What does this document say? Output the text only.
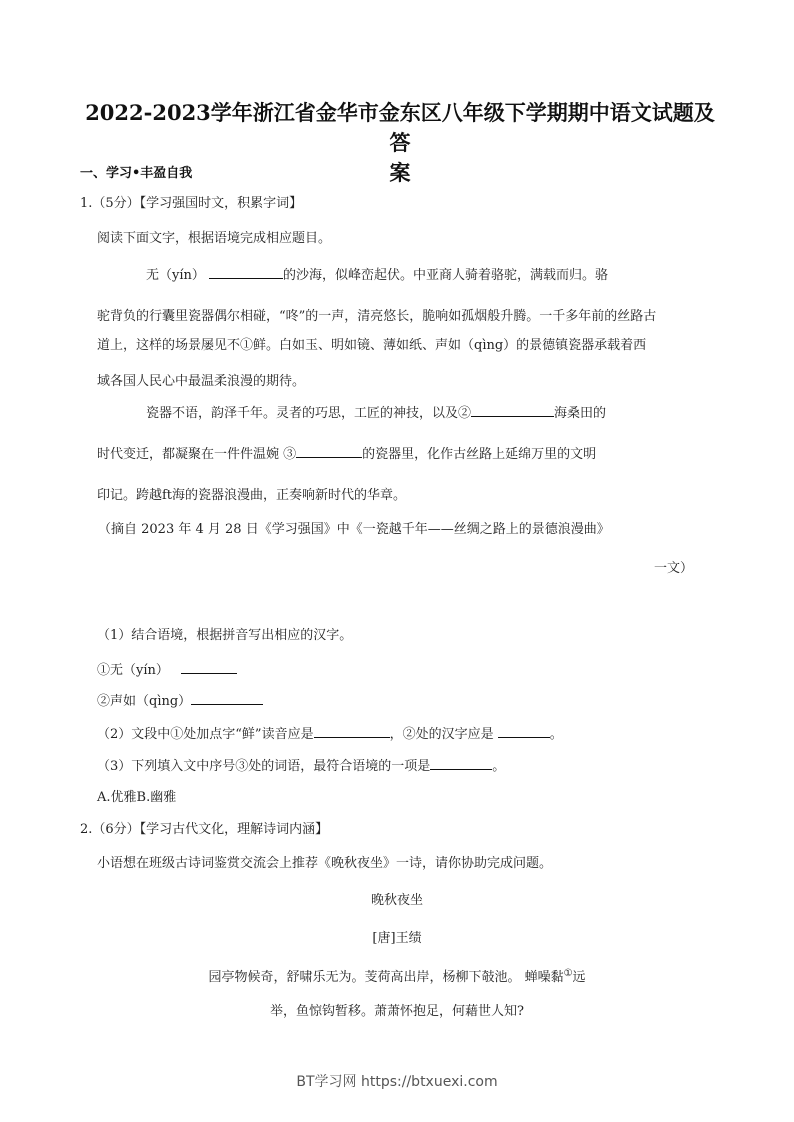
2022-2023学年浙江省金华市金东区八年级下学期期中语文试题及答
案
一、学习•丰盈自我
1.（5分）【学习强国时文，积累字词】
阅读下面文字，根据语境完成相应题目。
无（yín）	的沙海，似峰峦起伏。中亚商人骑着骆驼，满载而归。骆
驼背负的行囊里瓷器偶尔相碰，“咚”的一声，清亮悠长，脆响如孤烟般升腾。一千多年前的丝路古
道上，这样的场景屡见不①鲜。白如玉、明如镜、薄如纸、声如（qìng）的景德镇瓷器承载着西
域各国人民心中最温柔浪漫的期待。
瓷器不语，韵泽千年。灵者的巧思，工匠的神技，以及②	海桑田的
时代变迁，都凝聚在一件件温婉 ③	的瓷器里，化作古丝路上延绵万里的文明
印记。跨越ft海的瓷器浪漫曲，正奏响新时代的华章。
（摘自 2023 年 4 月 28 日《学习强国》中《一瓷越千年——丝绸之路上的景德浪漫曲》
一文）
（1）结合语境，根据拼音写出相应的汉字。
①无（yín）
②声如（qìng）
（2）文段中①处加点字“鲜”读音应是	，②处的汉字应是	。
（3）下列填入文中序号③处的词语，最符合语境的一项是	。
A.优雅B.幽雅
2.（6分）【学习古代文化，理解诗词内涵】
小语想在班级古诗词鉴赏交流会上推荐《晚秋夜坐》一诗，请你协助完成问题。
晚秋夜坐
[唐]王绩
园亭物候奇，舒啸乐无为。芰荷高出岸，杨柳下攲池。 蝉噪黏①远
举，鱼惊钩暂移。萧萧怀抱足，何藉世人知?
BT学习网 https://btxuexi.com
